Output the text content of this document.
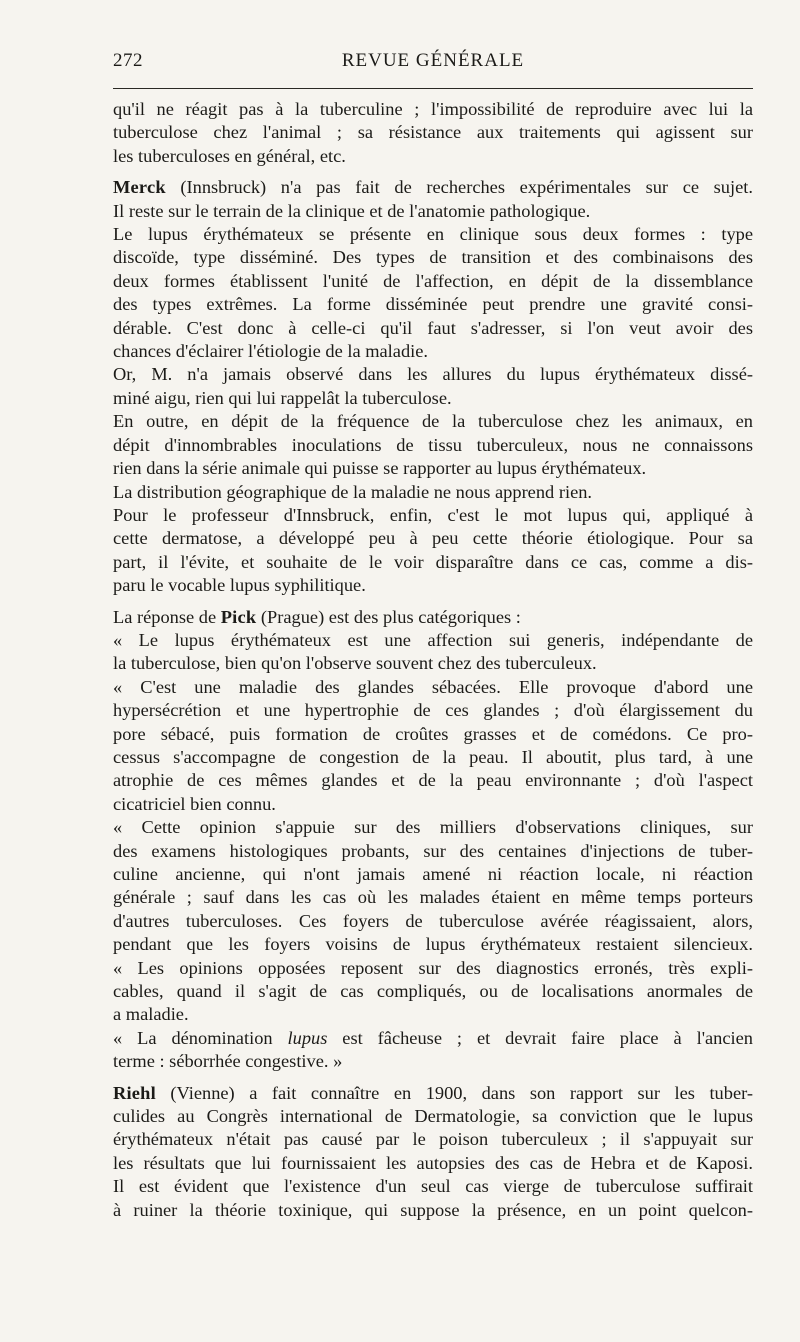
272	REVUE GÉNÉRALE
qu'il ne réagit pas à la tuberculine ; l'impossibilité de reproduire avec lui la
tuberculose chez l'animal ; sa résistance aux traitements qui agissent sur
les tuberculoses en général, etc.
Merck (Innsbruck) n'a pas fait de recherches expérimentales sur ce sujet.
Il reste sur le terrain de la clinique et de l'anatomie pathologique.
Le lupus érythémateux se présente en clinique sous deux formes : type
discoïde, type disséminé. Des types de transition et des combinaisons des
deux formes établissent l'unité de l'affection, en dépit de la dissemblance
des types extrêmes. La forme disséminée peut prendre une gravité consi-
dérable. C'est donc à celle-ci qu'il faut s'adresser, si l'on veut avoir des
chances d'éclairer l'étiologie de la maladie.
Or, M. n'a jamais observé dans les allures du lupus érythémateux dissé-
miné aigu, rien qui lui rappelât la tuberculose.
En outre, en dépit de la fréquence de la tuberculose chez les animaux, en
dépit d'innombrables inoculations de tissu tuberculeux, nous ne connaissons
rien dans la série animale qui puisse se rapporter au lupus érythémateux.
La distribution géographique de la maladie ne nous apprend rien.
Pour le professeur d'Innsbruck, enfin, c'est le mot lupus qui, appliqué à
cette dermatose, a développé peu à peu cette théorie étiologique. Pour sa
part, il l'évite, et souhaite de le voir disparaître dans ce cas, comme a dis-
paru le vocable lupus syphilitique.
La réponse de Pick (Prague) est des plus catégoriques :
« Le lupus érythémateux est une affection sui generis, indépendante de
la tuberculose, bien qu'on l'observe souvent chez des tuberculeux.
« C'est une maladie des glandes sébacées. Elle provoque d'abord une
hypersécrétion et une hypertrophie de ces glandes ; d'où élargissement du
pore sébacé, puis formation de croûtes grasses et de comédons. Ce pro-
cessus s'accompagne de congestion de la peau. Il aboutit, plus tard, à une
atrophie de ces mêmes glandes et de la peau environnante ; d'où l'aspect
cicatriciel bien connu.
« Cette opinion s'appuie sur des milliers d'observations cliniques, sur
des examens histologiques probants, sur des centaines d'injections de tuber-
culine ancienne, qui n'ont jamais amené ni réaction locale, ni réaction
générale ; sauf dans les cas où les malades étaient en même temps porteurs
d'autres tuberculoses. Ces foyers de tuberculose avérée réagissaient, alors,
pendant que les foyers voisins de lupus érythémateux restaient silencieux.
« Les opinions opposées reposent sur des diagnostics erronés, très expli-
cables, quand il s'agit de cas compliqués, ou de localisations anormales de
a maladie.
« La dénomination lupus est fâcheuse ; et devrait faire place à l'ancien
terme : séborrhée congestive. »
Riehl (Vienne) a fait connaître en 1900, dans son rapport sur les tuber-
culides au Congrès international de Dermatologie, sa conviction que le lupus
érythémateux n'était pas causé par le poison tuberculeux ; il s'appuyait sur
les résultats que lui fournissaient les autopsies des cas de Hebra et de Kaposi.
Il est évident que l'existence d'un seul cas vierge de tuberculose suffirait
à ruiner la théorie toxinique, qui suppose la présence, en un point quelcon-
